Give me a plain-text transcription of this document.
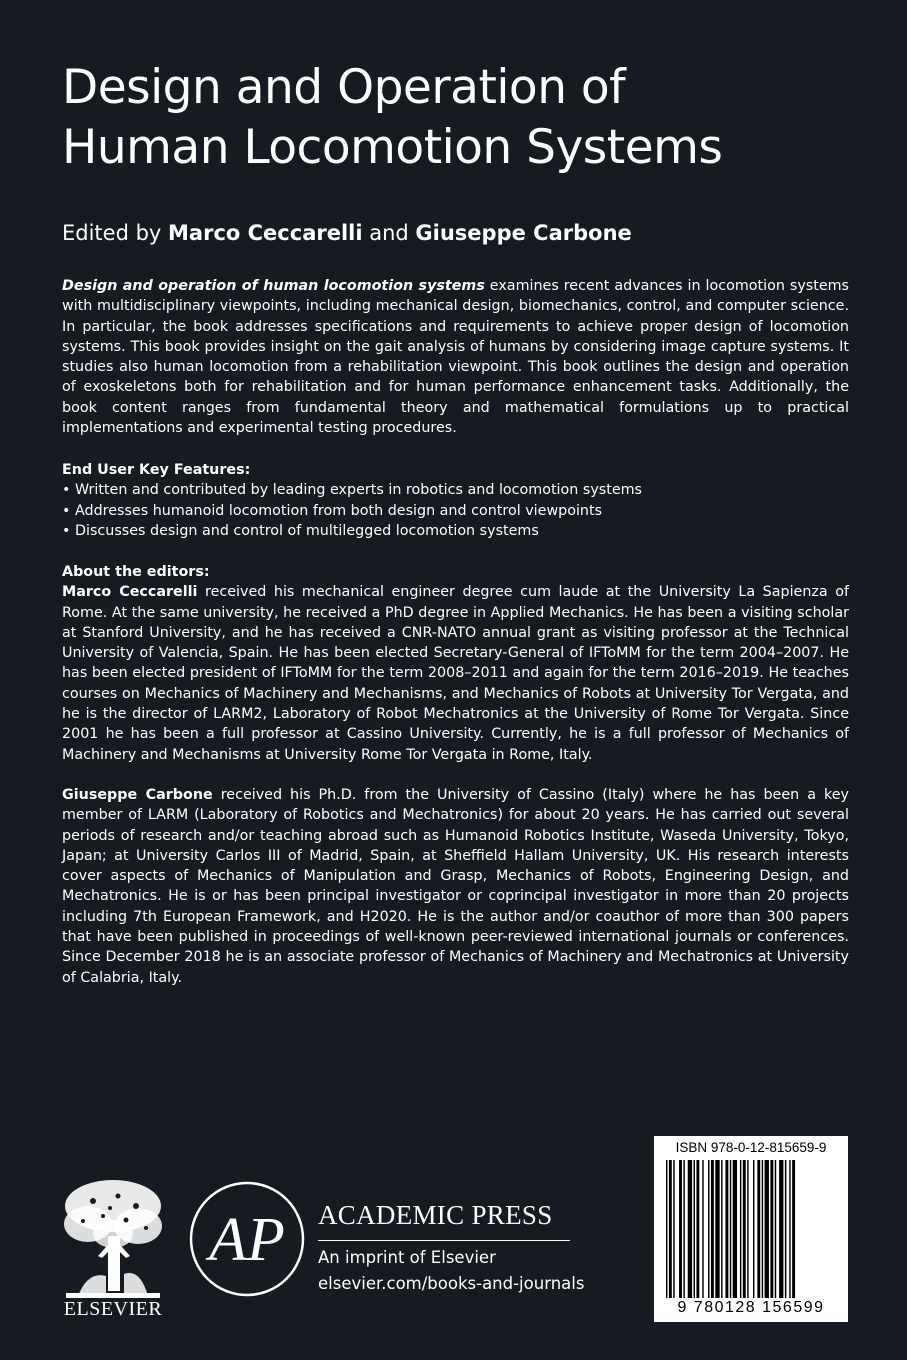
Design and Operation of
Human Locomotion Systems
Edited by Marco Ceccarelli and Giuseppe Carbone
Design and operation of human locomotion systems examines recent advances in locomotion systems with multidisciplinary viewpoints, including mechanical design, biomechanics, control, and computer science. In particular, the book addresses specifications and requirements to achieve proper design of locomotion systems. This book provides insight on the gait analysis of humans by considering image capture systems. It studies also human locomotion from a rehabilitation viewpoint. This book outlines the design and operation of exoskeletons both for rehabilitation and for human performance enhancement tasks. Additionally, the book content ranges from fundamental theory and mathematical formulations up to practical implementations and experimental testing procedures.
End User Key Features:
• Written and contributed by leading experts in robotics and locomotion systems
• Addresses humanoid locomotion from both design and control viewpoints
• Discusses design and control of multilegged locomotion systems
About the editors:

Marco Ceccarelli received his mechanical engineer degree cum laude at the University La Sapienza of Rome. At the same university, he received a PhD degree in Applied Mechanics. He has been a visiting scholar at Stanford University, and he has received a CNR-NATO annual grant as visiting professor at the Technical University of Valencia, Spain. He has been elected Secretary-General of IFToMM for the term 2004–2007. He has been elected president of IFToMM for the term 2008–2011 and again for the term 2016–2019. He teaches courses on Mechanics of Machinery and Mechanisms, and Mechanics of Robots at University Tor Vergata, and he is the director of LARM2, Laboratory of Robot Mechatronics at the University of Rome Tor Vergata. Since 2001 he has been a full professor at Cassino University. Currently, he is a full professor of Mechanics of Machinery and Mechanisms at University Rome Tor Vergata in Rome, Italy.

Giuseppe Carbone received his Ph.D. from the University of Cassino (Italy) where he has been a key member of LARM (Laboratory of Robotics and Mechatronics) for about 20 years. He has carried out several periods of research and/or teaching abroad such as Humanoid Robotics Institute, Waseda University, Tokyo, Japan; at University Carlos III of Madrid, Spain, at Sheffield Hallam University, UK. His research interests cover aspects of Mechanics of Manipulation and Grasp, Mechanics of Robots, Engineering Design, and Mechatronics. He is or has been principal investigator or coprincipal investigator in more than 20 projects including 7th European Framework, and H2020. He is the author and/or coauthor of more than 300 papers that have been published in proceedings of well-known peer-reviewed international journals or conferences. Since December 2018 he is an associate professor of Mechanics of Machinery and Mechatronics at University of Calabria, Italy.

ELSEVIER
AP ACADEMIC PRESS
An imprint of Elsevier
elsevier.com/books-and-journals
ISBN 978-0-12-815659-9
9 780128 156599
